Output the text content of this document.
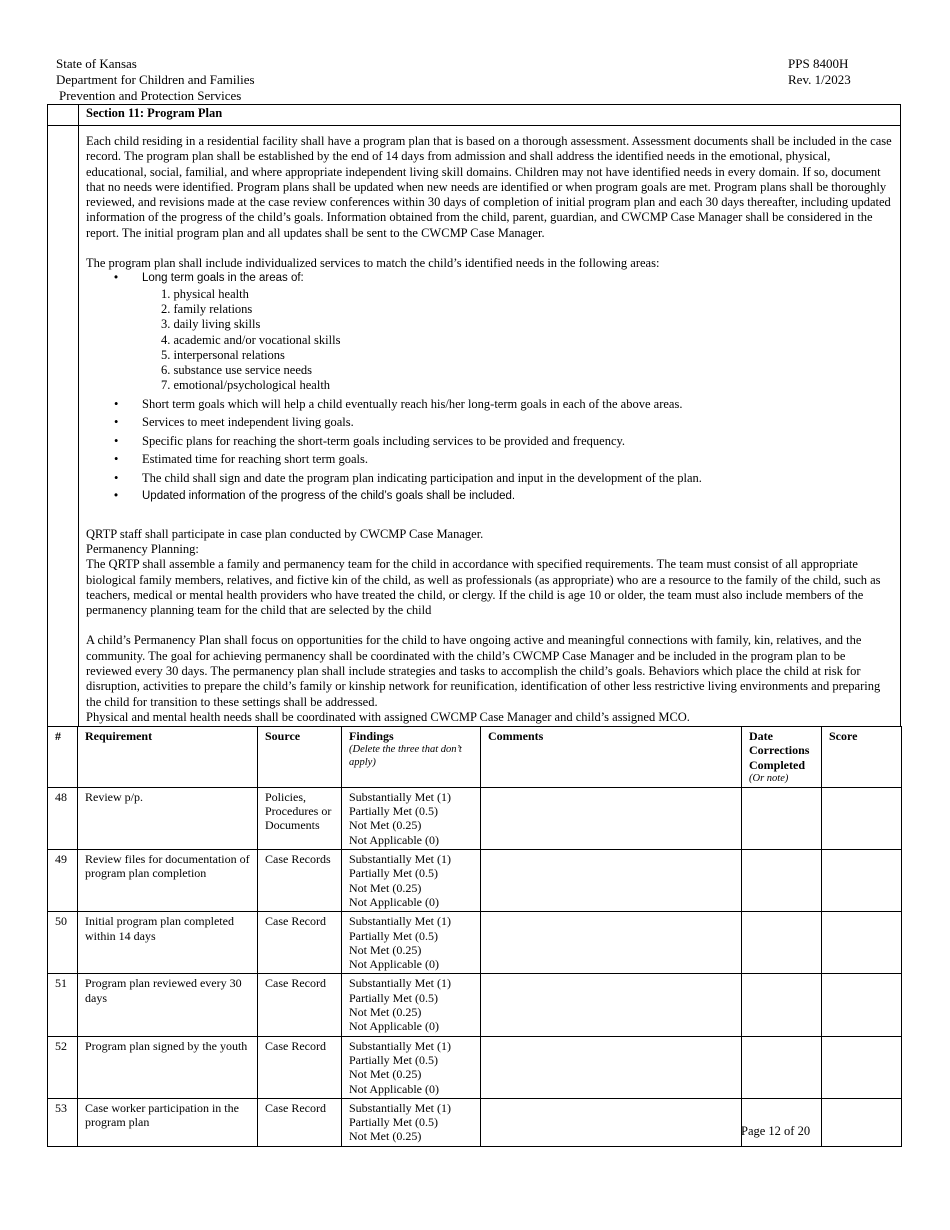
State of Kansas
Department for Children and Families
Prevention and Protection Services
PPS 8400H
Rev. 1/2023
Section 11: Program Plan

Each child residing in a residential facility shall have a program plan that is based on a thorough assessment. Assessment documents shall be included in the case record. The program plan shall be established by the end of 14 days from admission and shall address the identified needs in the emotional, physical, educational, social, familial, and where appropriate independent living skill domains. Children may not have identified needs in every domain. If so, document that no needs were identified. Program plans shall be updated when new needs are identified or when program goals are met. Program plans shall be thoroughly reviewed, and revisions made at the case review conferences within 30 days of completion of initial program plan and each 30 days thereafter, including updated information of the progress of the child’s goals. Information obtained from the child, parent, guardian, and CWCMP Case Manager shall be considered in the report. The initial program plan and all updates shall be sent to the CWCMP Case Manager.

The program plan shall include individualized services to match the child’s identified needs in the following areas:

• Long term goals in the areas of:
1. physical health
2. family relations
3. daily living skills
4. academic and/or vocational skills
5. interpersonal relations
6. substance use service needs
7. emotional/psychological health
• Short term goals which will help a child eventually reach his/her long-term goals in each of the above areas.
• Services to meet independent living goals.
• Specific plans for reaching the short-term goals including services to be provided and frequency.
• Estimated time for reaching short term goals.
• The child shall sign and date the program plan indicating participation and input in the development of the plan.
• Updated information of the progress of the child’s goals shall be included.

QRTP staff shall participate in case plan conducted by CWCMP Case Manager.

Permanency Planning:

The QRTP shall assemble a family and permanency team for the child in accordance with specified requirements. The team must consist of all appropriate biological family members, relatives, and fictive kin of the child, as well as professionals (as appropriate) who are a resource to the family of the child, such as teachers, medical or mental health providers who have treated the child, or clergy. If the child is age 10 or older, the team must also include members of the permanency planning team for the child that are selected by the child

A child’s Permanency Plan shall focus on opportunities for the child to have ongoing active and meaningful connections with family, kin, relatives, and the community. The goal for achieving permanency shall be coordinated with the child’s CWCMP Case Manager and be included in the program plan to be reviewed every 30 days. The permanency plan shall include strategies and tasks to accomplish the child’s goals. Behaviors which place the child at risk for disruption, activities to prepare the child’s family or kinship network for reunification, identification of other less restrictive living environments and preparing the child for transition to these settings shall be addressed.

Physical and mental health needs shall be coordinated with assigned CWCMP Case Manager and child’s assigned MCO.

#	Requirement	Source	Findings
(Delete the three that don’t apply)	Comments	Date Corrections Completed
(Or note)	Score
48	Review p/p.	Policies, Procedures or Documents	Substantially Met (1)
Partially Met (0.5)
Not Met (0.25)
Not Applicable (0)			

49	Review files for documentation of program plan completion	Case Records	Substantially Met (1)
Partially Met (0.5)
Not Met (0.25)
Not Applicable (0)			

50	Initial program plan completed within 14 days	Case Record	Substantially Met (1)
Partially Met (0.5)
Not Met (0.25)
Not Applicable (0)			

51	Program plan reviewed every 30 days	Case Record	Substantially Met (1)
Partially Met (0.5)
Not Met (0.25)
Not Applicable (0)			

52	Program plan signed by the youth	Case Record	Substantially Met (1)
Partially Met (0.5)
Not Met (0.25)
Not Applicable (0)			

53	Case worker participation in the program plan	Case Record	Substantially Met (1)
Partially Met (0.5)
Not Met (0.25)			
				Page 12 of 20
